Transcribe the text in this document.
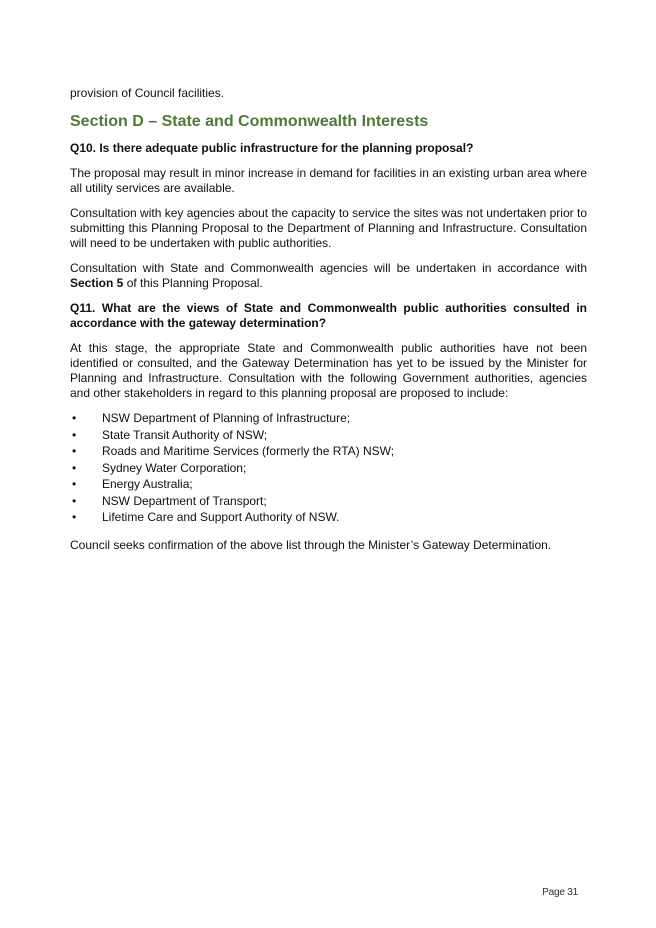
provision of Council facilities.

Section D – State and Commonwealth Interests

Q10. Is there adequate public infrastructure for the planning proposal?

The proposal may result in minor increase in demand for facilities in an existing urban area where all utility services are available.

Consultation with key agencies about the capacity to service the sites was not undertaken prior to submitting this Planning Proposal to the Department of Planning and Infrastructure. Consultation will need to be undertaken with public authorities.

Consultation with State and Commonwealth agencies will be undertaken in accordance with Section 5 of this Planning Proposal.

Q11. What are the views of State and Commonwealth public authorities consulted in accordance with the gateway determination?

At this stage, the appropriate State and Commonwealth public authorities have not been identified or consulted, and the Gateway Determination has yet to be issued by the Minister for Planning and Infrastructure. Consultation with the following Government authorities, agencies and other stakeholders in regard to this planning proposal are proposed to include:

• NSW Department of Planning of Infrastructure;
• State Transit Authority of NSW;
• Roads and Maritime Services (formerly the RTA) NSW;
• Sydney Water Corporation;
• Energy Australia;
• NSW Department of Transport;
• Lifetime Care and Support Authority of NSW.

Council seeks confirmation of the above list through the Minister’s Gateway Determination.

Page 31
